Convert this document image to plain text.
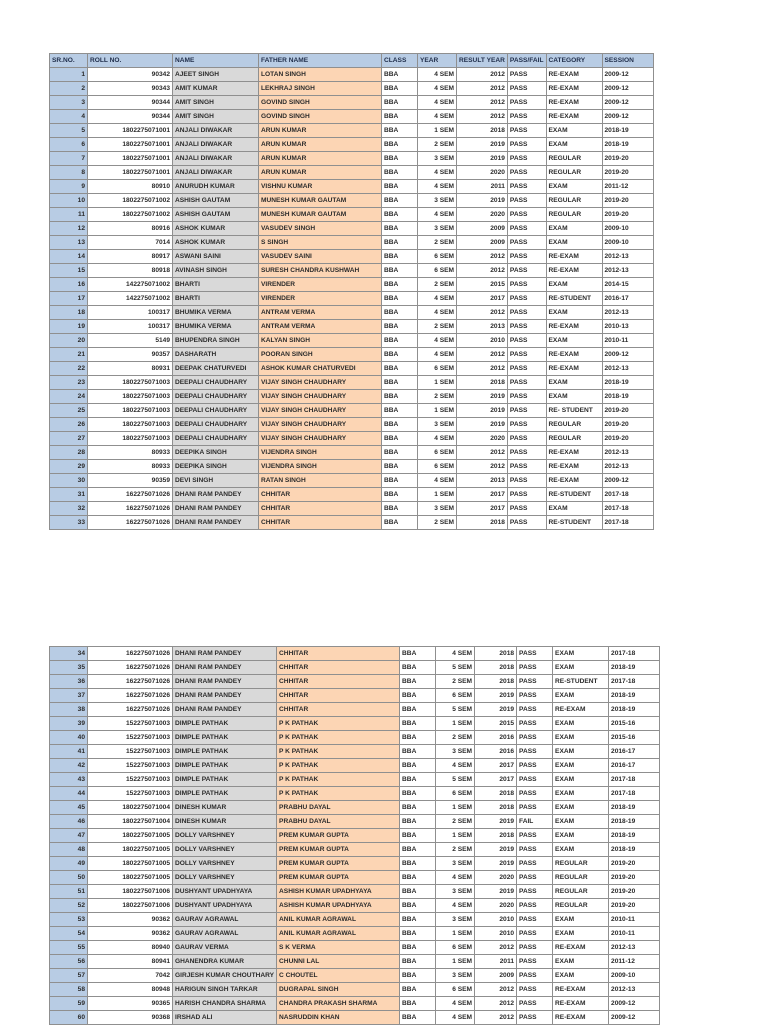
SR.NO.	ROLL NO.	NAME	FATHER NAME	CLASS	YEAR	RESULT YEAR	PASS/FAIL	CATEGORY	SESSION
1	90342	AJEET SINGH	LOTAN SINGH	BBA	4 SEM	2012	PASS	RE-EXAM	2009-12
2	90343	AMIT KUMAR	LEKHRAJ SINGH	BBA	4 SEM	2012	PASS	RE-EXAM	2009-12
3	90344	AMIT SINGH	GOVIND SINGH	BBA	4 SEM	2012	PASS	RE-EXAM	2009-12
4	90344	AMIT SINGH	GOVIND SINGH	BBA	4 SEM	2012	PASS	RE-EXAM	2009-12
5	1802275071001	ANJALI DIWAKAR	ARUN KUMAR	BBA	1 SEM	2018	PASS	EXAM	2018-19
6	1802275071001	ANJALI DIWAKAR	ARUN KUMAR	BBA	2 SEM	2019	PASS	EXAM	2018-19
7	1802275071001	ANJALI DIWAKAR	ARUN KUMAR	BBA	3 SEM	2019	PASS	REGULAR	2019-20
8	1802275071001	ANJALI DIWAKAR	ARUN KUMAR	BBA	4 SEM	2020	PASS	REGULAR	2019-20
9	80910	ANURUDH KUMAR	VISHNU KUMAR	BBA	4 SEM	2011	PASS	EXAM	2011-12
10	1802275071002	ASHISH GAUTAM	MUNESH KUMAR GAUTAM	BBA	3 SEM	2019	PASS	REGULAR	2019-20
11	1802275071002	ASHISH GAUTAM	MUNESH KUMAR GAUTAM	BBA	4 SEM	2020	PASS	REGULAR	2019-20
12	80916	ASHOK KUMAR	VASUDEV SINGH	BBA	3 SEM	2009	PASS	EXAM	2009-10
13	7014	ASHOK KUMAR	S SINGH	BBA	2 SEM	2009	PASS	EXAM	2009-10
14	80917	ASWANI SAINI	VASUDEV SAINI	BBA	6 SEM	2012	PASS	RE-EXAM	2012-13
15	80918	AVINASH SINGH	SURESH CHANDRA KUSHWAH	BBA	6 SEM	2012	PASS	RE-EXAM	2012-13
16	142275071002	BHARTI	VIRENDER	BBA	2 SEM	2015	PASS	EXAM	2014-15
17	142275071002	BHARTI	VIRENDER	BBA	4 SEM	2017	PASS	RE-STUDENT	2016-17
18	100317	BHUMIKA VERMA	ANTRAM VERMA	BBA	4 SEM	2012	PASS	EXAM	2012-13
19	100317	BHUMIKA VERMA	ANTRAM VERMA	BBA	2 SEM	2013	PASS	RE-EXAM	2010-13
20	5149	BHUPENDRA SINGH	KALYAN SINGH	BBA	4 SEM	2010	PASS	EXAM	2010-11
21	90357	DASHARATH	POORAN SINGH	BBA	4 SEM	2012	PASS	RE-EXAM	2009-12
22	80931	DEEPAK CHATURVEDI	ASHOK KUMAR CHATURVEDI	BBA	6 SEM	2012	PASS	RE-EXAM	2012-13
23	1802275071003	DEEPALI CHAUDHARY	VIJAY SINGH CHAUDHARY	BBA	1 SEM	2018	PASS	EXAM	2018-19
24	1802275071003	DEEPALI CHAUDHARY	VIJAY SINGH CHAUDHARY	BBA	2 SEM	2019	PASS	EXAM	2018-19
25	1802275071003	DEEPALI CHAUDHARY	VIJAY SINGH CHAUDHARY	BBA	1 SEM	2019	PASS	RE- STUDENT	2019-20
26	1802275071003	DEEPALI CHAUDHARY	VIJAY SINGH CHAUDHARY	BBA	3 SEM	2019	PASS	REGULAR	2019-20
27	1802275071003	DEEPALI CHAUDHARY	VIJAY SINGH CHAUDHARY	BBA	4 SEM	2020	PASS	REGULAR	2019-20
28	80933	DEEPIKA SINGH	VIJENDRA SINGH	BBA	6 SEM	2012	PASS	RE-EXAM	2012-13
29	80933	DEEPIKA SINGH	VIJENDRA SINGH	BBA	6 SEM	2012	PASS	RE-EXAM	2012-13
30	90359	DEVI SINGH	RATAN SINGH	BBA	4 SEM	2013	PASS	RE-EXAM	2009-12
31	162275071026	DHANI RAM PANDEY	CHHITAR	BBA	1 SEM	2017	PASS	RE-STUDENT	2017-18
32	162275071026	DHANI RAM PANDEY	CHHITAR	BBA	3 SEM	2017	PASS	EXAM	2017-18
33	162275071026	DHANI RAM PANDEY	CHHITAR	BBA	2 SEM	2018	PASS	RE-STUDENT	2017-18
34	162275071026	DHANI RAM PANDEY	CHHITAR	BBA	4 SEM	2018	PASS	EXAM	2017-18
35	162275071026	DHANI RAM PANDEY	CHHITAR	BBA	5 SEM	2018	PASS	EXAM	2018-19
36	162275071026	DHANI RAM PANDEY	CHHITAR	BBA	2 SEM	2018	PASS	RE-STUDENT	2017-18
37	162275071026	DHANI RAM PANDEY	CHHITAR	BBA	6 SEM	2019	PASS	EXAM	2018-19
38	162275071026	DHANI RAM PANDEY	CHHITAR	BBA	5 SEM	2019	PASS	RE-EXAM	2018-19
39	152275071003	DIMPLE PATHAK	P K PATHAK	BBA	1 SEM	2015	PASS	EXAM	2015-16
40	152275071003	DIMPLE PATHAK	P K PATHAK	BBA	2 SEM	2016	PASS	EXAM	2015-16
41	152275071003	DIMPLE PATHAK	P K PATHAK	BBA	3 SEM	2016	PASS	EXAM	2016-17
42	152275071003	DIMPLE PATHAK	P K PATHAK	BBA	4 SEM	2017	PASS	EXAM	2016-17
43	152275071003	DIMPLE PATHAK	P K PATHAK	BBA	5 SEM	2017	PASS	EXAM	2017-18
44	152275071003	DIMPLE PATHAK	P K PATHAK	BBA	6 SEM	2018	PASS	EXAM	2017-18
45	1802275071004	DINESH KUMAR	PRABHU DAYAL	BBA	1 SEM	2018	PASS	EXAM	2018-19
46	1802275071004	DINESH KUMAR	PRABHU DAYAL	BBA	2 SEM	2019	FAIL	EXAM	2018-19
47	1802275071005	DOLLY VARSHNEY	PREM KUMAR GUPTA	BBA	1 SEM	2018	PASS	EXAM	2018-19
48	1802275071005	DOLLY VARSHNEY	PREM KUMAR GUPTA	BBA	2 SEM	2019	PASS	EXAM	2018-19
49	1802275071005	DOLLY VARSHNEY	PREM KUMAR GUPTA	BBA	3 SEM	2019	PASS	REGULAR	2019-20
50	1802275071005	DOLLY VARSHNEY	PREM KUMAR GUPTA	BBA	4 SEM	2020	PASS	REGULAR	2019-20
51	1802275071006	DUSHYANT UPADHYAYA	ASHISH KUMAR UPADHYAYA	BBA	3 SEM	2019	PASS	REGULAR	2019-20
52	1802275071006	DUSHYANT UPADHYAYA	ASHISH KUMAR UPADHYAYA	BBA	4 SEM	2020	PASS	REGULAR	2019-20
53	90362	GAURAV AGRAWAL	ANIL KUMAR AGRAWAL	BBA	3 SEM	2010	PASS	EXAM	2010-11
54	90362	GAURAV AGRAWAL	ANIL KUMAR AGRAWAL	BBA	1 SEM	2010	PASS	EXAM	2010-11
55	80940	GAURAV VERMA	S K VERMA	BBA	6 SEM	2012	PASS	RE-EXAM	2012-13
56	80941	GHANENDRA KUMAR	CHUNNI LAL	BBA	1 SEM	2011	PASS	EXAM	2011-12
57	7042	GIRJESH KUMAR CHOUTHARY	C CHOUTEL	BBA	3 SEM	2009	PASS	EXAM	2009-10
58	80948	HARIGUN SINGH TARKAR	DUGRAPAL SINGH	BBA	6 SEM	2012	PASS	RE-EXAM	2012-13
59	90365	HARISH CHANDRA SHARMA	CHANDRA PRAKASH SHARMA	BBA	4 SEM	2012	PASS	RE-EXAM	2009-12
60	90368	IRSHAD ALI	NASRUDDIN KHAN	BBA	4 SEM	2012	PASS	RE-EXAM	2009-12
